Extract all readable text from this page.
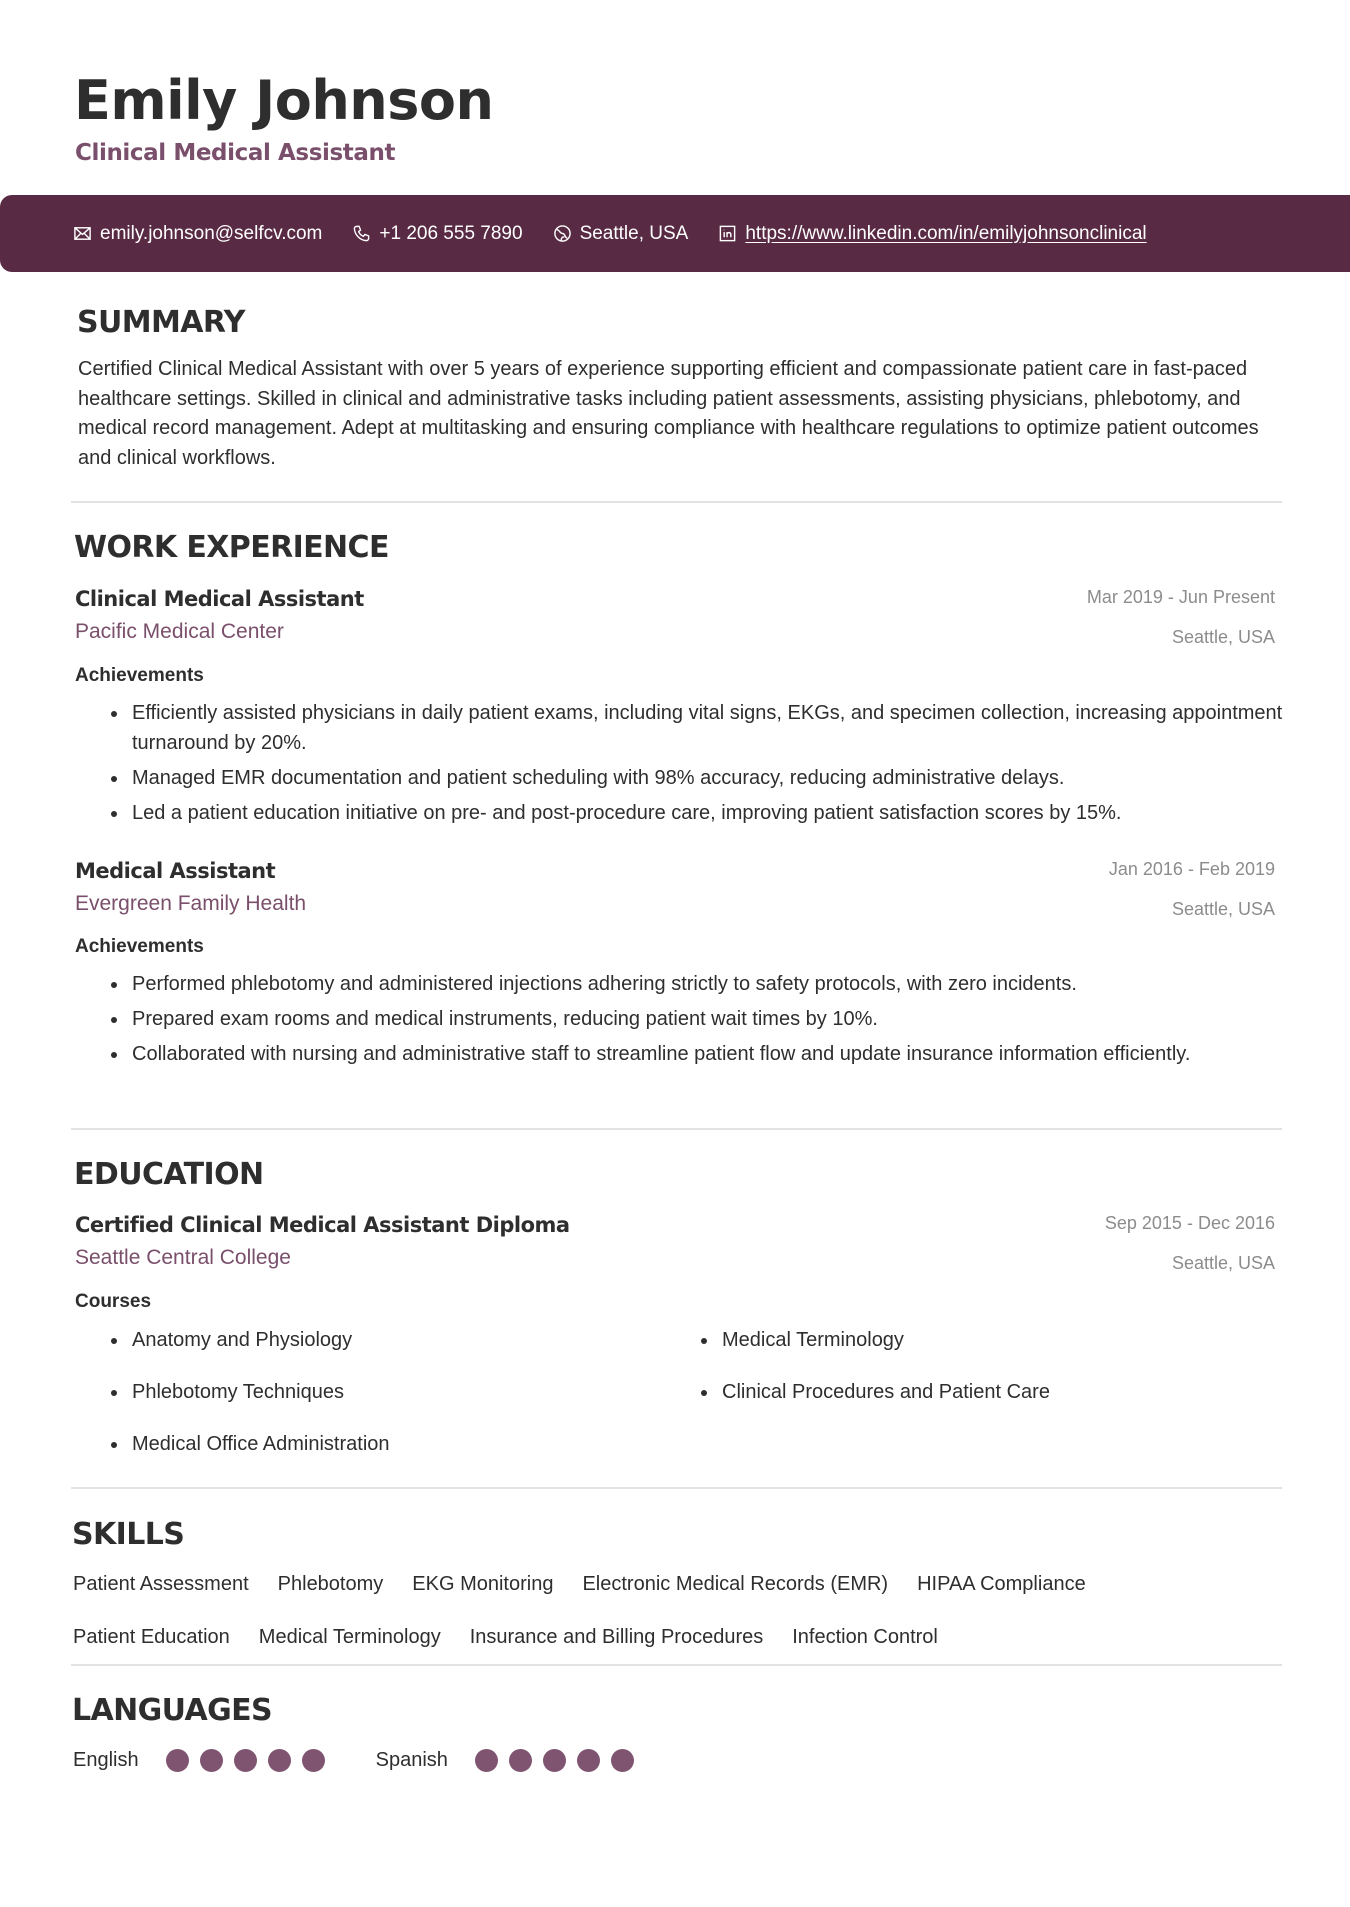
Emily Johnson
Clinical Medical Assistant
emily.johnson@selfcv.com	+1 206 555 7890	Seattle, USA	https://www.linkedin.com/in/emilyjohnsonclinical
SUMMARY
Certified Clinical Medical Assistant with over 5 years of experience supporting efficient and compassionate patient care in fast-paced healthcare settings. Skilled in clinical and administrative tasks including patient assessments, assisting physicians, phlebotomy, and medical record management. Adept at multitasking and ensuring compliance with healthcare regulations to optimize patient outcomes and clinical workflows.
WORK EXPERIENCE
Clinical Medical Assistant	Mar 2019 - Jun Present
Pacific Medical Center	Seattle, USA
Achievements
Efficiently assisted physicians in daily patient exams, including vital signs, EKGs, and specimen collection, increasing appointment turnaround by 20%.
Managed EMR documentation and patient scheduling with 98% accuracy, reducing administrative delays.
Led a patient education initiative on pre- and post-procedure care, improving patient satisfaction scores by 15%.
Medical Assistant	Jan 2016 - Feb 2019
Evergreen Family Health	Seattle, USA
Achievements
Performed phlebotomy and administered injections adhering strictly to safety protocols, with zero incidents.
Prepared exam rooms and medical instruments, reducing patient wait times by 10%.
Collaborated with nursing and administrative staff to streamline patient flow and update insurance information efficiently.
EDUCATION
Certified Clinical Medical Assistant Diploma	Sep 2015 - Dec 2016
Seattle Central College	Seattle, USA
Courses
Anatomy and Physiology	Medical Terminology
Phlebotomy Techniques	Clinical Procedures and Patient Care
Medical Office Administration
SKILLS
Patient Assessment Phlebotomy EKG Monitoring Electronic Medical Records (EMR) HIPAA Compliance
Patient Education Medical Terminology Insurance and Billing Procedures Infection Control
LANGUAGES
English	Spanish
